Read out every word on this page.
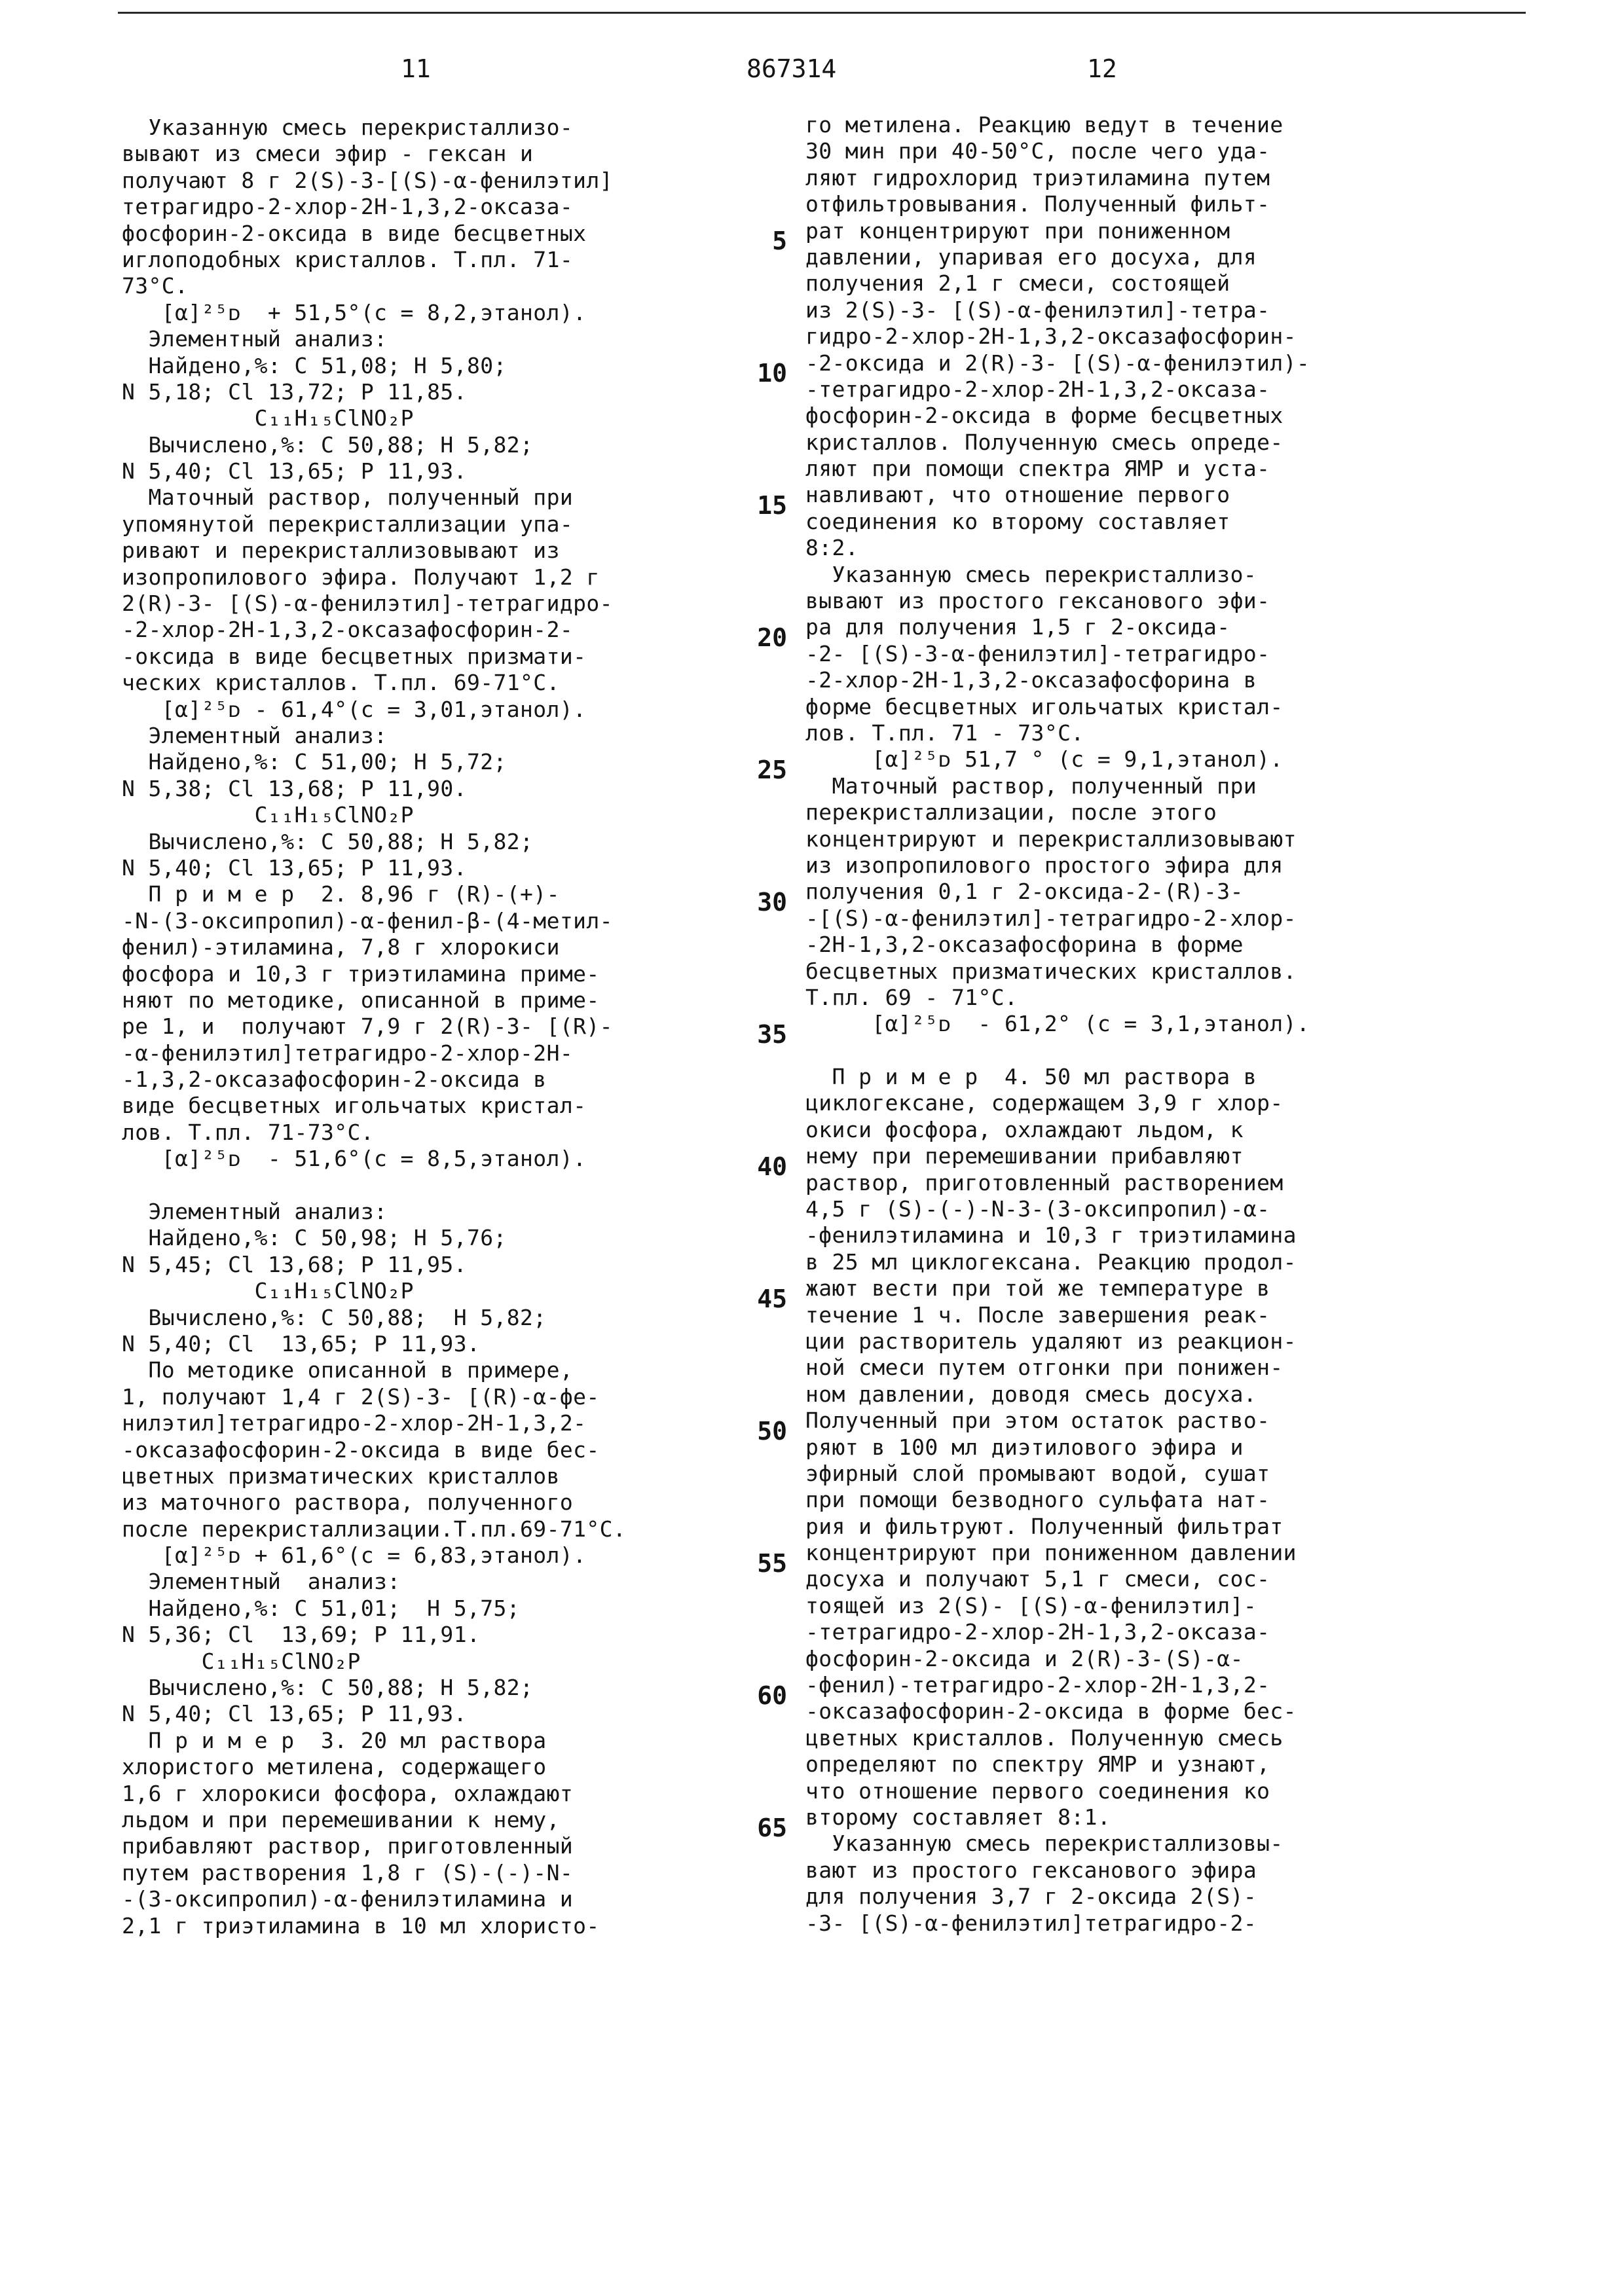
11	867314	12
Указанную смесь перекристаллизо-
вывают из смеси эфир - гексан и
получают 8 г 2(S)-3-[(S)-α-фенилэтил]
тетрагидро-2-хлор-2Н-1,3,2-оксаза-
фосфорин-2-оксида в виде бесцветных
иглоподобных кристаллов. Т.пл. 71-
73°С.
[α]²⁵ᴅ  + 51,5°(с = 8,2,этанол).
Элементный анализ:
Найдено,%: С 51,08; Н 5,80;
N 5,18; Cl 13,72; Р 11,85.
C₁₁H₁₅ClNO₂P
Вычислено,%: С 50,88; Н 5,82;
N 5,40; Cl 13,65; Р 11,93.
Маточный раствор, полученный при
упомянутой перекристаллизации упа-
ривают и перекристаллизовывают из
изопропилового эфира. Получают 1,2 г
2(R)-3- [(S)-α-фенилэтил]-тетрагидро-
-2-хлор-2Н-1,3,2-оксазафосфорин-2-
-оксида в виде бесцветных призмати-
ческих кристаллов. Т.пл. 69-71°С.
[α]²⁵ᴅ - 61,4°(с = 3,01,этанол).
Элементный анализ:
Найдено,%: С 51,00; Н 5,72;
N 5,38; Cl 13,68; Р 11,90.
C₁₁H₁₅ClNO₂P
Вычислено,%: С 50,88; Н 5,82;
N 5,40; Cl 13,65; Р 11,93.
П р и м е р  2. 8,96 г (R)-(+)-
-N-(3-оксипропил)-α-фенил-β-(4-метил-
фенил)-этиламина, 7,8 г хлорокиси
фосфора и 10,3 г триэтиламина приме-
няют по методике, описанной в приме-
ре 1, и  получают 7,9 г 2(R)-3- [(R)-
-α-фенилэтил]тетрагидро-2-хлор-2Н-
-1,3,2-оксазафосфорин-2-оксида в
виде бесцветных игольчатых кристал-
лов. Т.пл. 71-73°С.
[α]²⁵ᴅ  - 51,6°(с = 8,5,этанол).
Элементный анализ:
Найдено,%: С 50,98; Н 5,76;
N 5,45; Cl 13,68; Р 11,95.
C₁₁H₁₅ClNO₂P
Вычислено,%: С 50,88;  Н 5,82;
N 5,40; Cl  13,65; Р 11,93.
По методике описанной в примере,
1, получают 1,4 г 2(S)-3- [(R)-α-фе-
нилэтил]тетрагидро-2-хлор-2Н-1,3,2-
-оксазафосфорин-2-оксида в виде бес-
цветных призматических кристаллов
из маточного раствора, полученного
после перекристаллизации.Т.пл.69-71°С.
[α]²⁵ᴅ + 61,6°(с = 6,83,этанол).
Элементный  анализ:
Найдено,%: С 51,01;  Н 5,75;
N 5,36; Cl  13,69; Р 11,91.
C₁₁H₁₅ClNO₂P
Вычислено,%: С 50,88; Н 5,82;
N 5,40; Cl 13,65; Р 11,93.
П р и м е р  3. 20 мл раствора
хлористого метилена, содержащего
1,6 г хлорокиси фосфора, охлаждают
льдом и при перемешивании к нему,
прибавляют раствор, приготовленный
путем растворения 1,8 г (S)-(-)-N-
-(3-оксипропил)-α-фенилэтиламина и
2,1 г триэтиламина в 10 мл хлористо-
го метилена. Реакцию ведут в течение
30 мин при 40-50°С, после чего уда-
ляют гидрохлорид триэтиламина путем
отфильтровывания. Полученный фильт-
рат концентрируют при пониженном
давлении, упаривая его досуха, для
получения 2,1 г смеси, состоящей
из 2(S)-3- [(S)-α-фенилэтил]-тетра-
гидро-2-хлор-2Н-1,3,2-оксазафосфорин-
-2-оксида и 2(R)-3- [(S)-α-фенилэтил)-
-тетрагидро-2-хлор-2Н-1,3,2-оксаза-
фосфорин-2-оксида в форме бесцветных
кристаллов. Полученную смесь опреде-
ляют при помощи спектра ЯМР и уста-
навливают, что отношение первого
соединения ко второму составляет
8:2.
Указанную смесь перекристаллизо-
вывают из простого гексанового эфи-
ра для получения 1,5 г 2-оксида-
-2- [(S)-3-α-фенилэтил]-тетрагидро-
-2-хлор-2Н-1,3,2-оксазафосфорина в
форме бесцветных игольчатых кристал-
лов. Т.пл. 71 - 73°С.
[α]²⁵ᴅ 51,7 ° (с = 9,1,этанол).
Маточный раствор, полученный при
перекристаллизации, после этого
концентрируют и перекристаллизовывают
из изопропилового простого эфира для
получения 0,1 г 2-оксида-2-(R)-3-
-[(S)-α-фенилэтил]-тетрагидро-2-хлор-
-2Н-1,3,2-оксазафосфорина в форме
бесцветных призматических кристаллов.
Т.пл. 69 - 71°С.
[α]²⁵ᴅ  - 61,2° (с = 3,1,этанол).
П р и м е р  4. 50 мл раствора в
циклогексане, содержащем 3,9 г хлор-
окиси фосфора, охлаждают льдом, к
нему при перемешивании прибавляют
раствор, приготовленный растворением
4,5 г (S)-(-)-N-3-(3-оксипропил)-α-
-фенилэтиламина и 10,3 г триэтиламина
в 25 мл циклогексана. Реакцию продол-
жают вести при той же температуре в
течение 1 ч. После завершения реак-
ции растворитель удаляют из реакцион-
ной смеси путем отгонки при понижен-
ном давлении, доводя смесь досуха.
Полученный при этом остаток раство-
ряют в 100 мл диэтилового эфира и
эфирный слой промывают водой, сушат
при помощи безводного сульфата нат-
рия и фильтруют. Полученный фильтрат
концентрируют при пониженном давлении
досуха и получают 5,1 г смеси, сос-
тоящей из 2(S)- [(S)-α-фенилэтил]-
-тетрагидро-2-хлор-2Н-1,3,2-оксаза-
фосфорин-2-оксида и 2(R)-3-(S)-α-
-фенил)-тетрагидро-2-хлор-2Н-1,3,2-
-оксазафосфорин-2-оксида в форме бес-
цветных кристаллов. Полученную смесь
определяют по спектру ЯМР и узнают,
что отношение первого соединения ко
второму составляет 8:1.
Указанную смесь перекристаллизовы-
вают из простого гексанового эфира
для получения 3,7 г 2-оксида 2(S)-
-3- [(S)-α-фенилэтил]тетрагидро-2-
5
10
15
20
25
30
35
40
45
50
55
60
65
